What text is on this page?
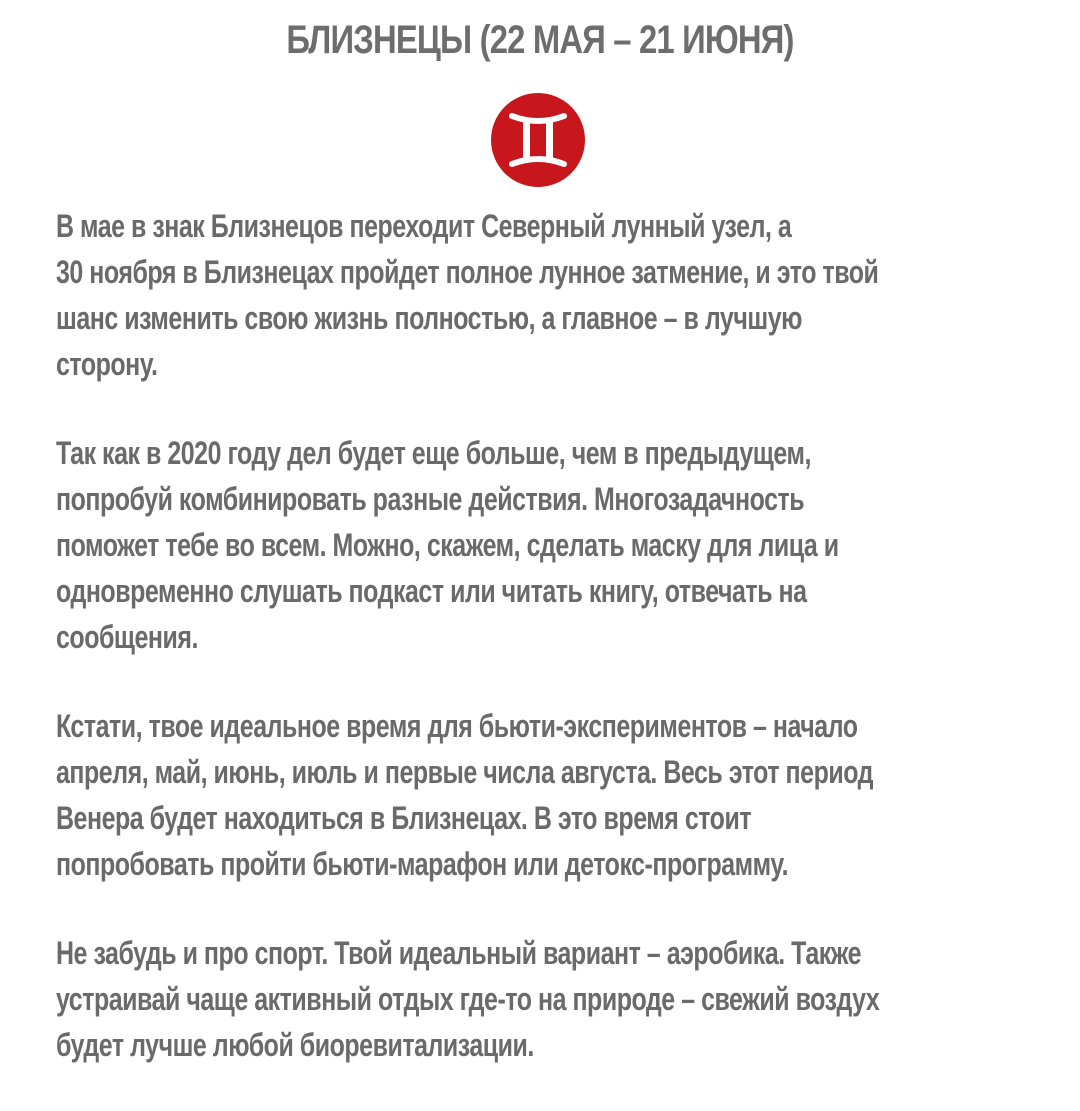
БЛИЗНЕЦЫ (22 МАЯ – 21 ИЮНЯ)
В мае в знак Близнецов переходит Северный лунный узел, а
30 ноября в Близнецах пройдет полное лунное затмение, и это твой
шанс изменить свою жизнь полностью, а главное – в лучшую
сторону.
Так как в 2020 году дел будет еще больше, чем в предыдущем,
попробуй комбинировать разные действия. Многозадачность
поможет тебе во всем. Можно, скажем, сделать маску для лица и
одновременно слушать подкаст или читать книгу, отвечать на
сообщения.
Кстати, твое идеальное время для бьюти-экспериментов – начало
апреля, май, июнь, июль и первые числа августа. Весь этот период
Венера будет находиться в Близнецах. В это время стоит
попробовать пройти бьюти-марафон или детокс-программу.
Не забудь и про спорт. Твой идеальный вариант – аэробика. Также
устраивай чаще активный отдых где-то на природе – свежий воздух
будет лучше любой биоревитализации.
